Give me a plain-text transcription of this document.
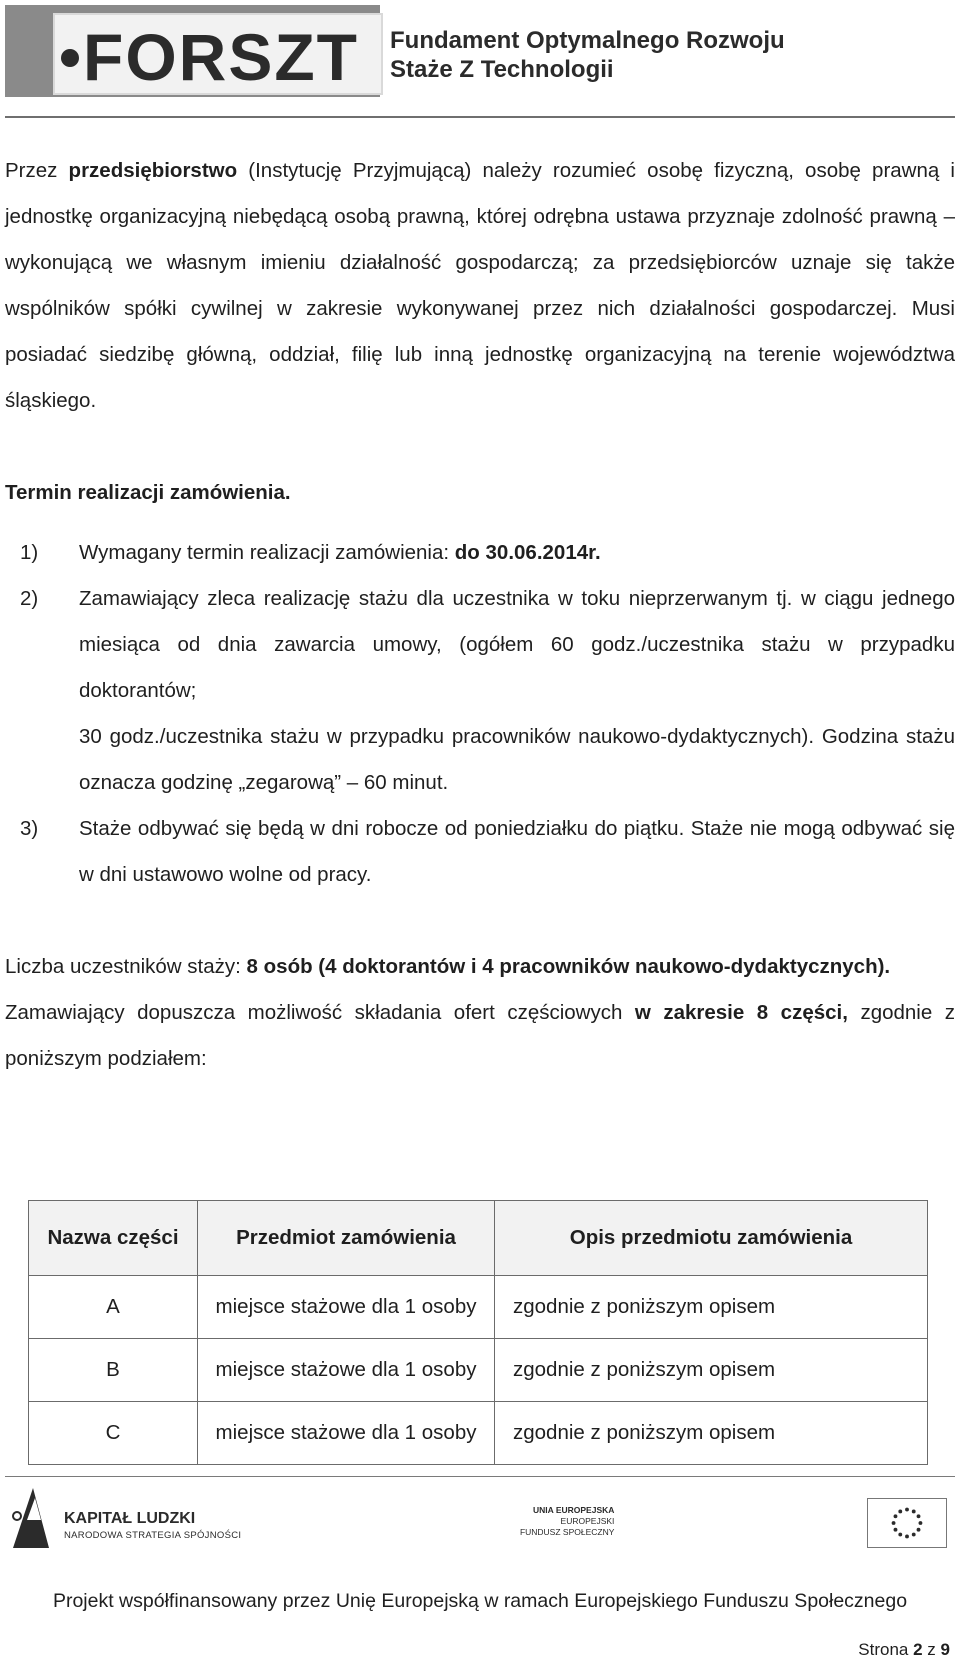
FORSZT Fundament Optymalnego Rozwoju
Staże Z Technologii

Przez przedsiębiorstwo (Instytucję Przyjmującą) należy rozumieć osobę fizyczną, osobę prawną i jednostkę organizacyjną niebędącą osobą prawną, której odrębna ustawa przyznaje zdolność prawną – wykonującą we własnym imieniu działalność gospodarczą; za przedsiębiorców uznaje się także wspólników spółki cywilnej w zakresie wykonywanej przez nich działalności gospodarczej. Musi posiadać siedzibę główną, oddział, filię lub inną jednostkę organizacyjną na terenie województwa śląskiego.

Termin realizacji zamówienia.

1) Wymagany termin realizacji zamówienia: do 30.06.2014r.
2) Zamawiający zleca realizację stażu dla uczestnika w toku nieprzerwanym tj. w ciągu jednego miesiąca od dnia zawarcia umowy, (ogółem 60 godz./uczestnika stażu w przypadku doktorantów;
30 godz./uczestnika stażu w przypadku pracowników naukowo-dydaktycznych). Godzina stażu oznacza godzinę „zegarową” – 60 minut.
3) Staże odbywać się będą w dni robocze od poniedziałku do piątku. Staże nie mogą odbywać się w dni ustawowo wolne od pracy.

Liczba uczestników staży: 8 osób (4 doktorantów i 4 pracowników naukowo-dydaktycznych).

Zamawiający dopuszcza możliwość składania ofert częściowych w zakresie 8 części, zgodnie z poniższym podziałem:

Nazwa części	Przedmiot zamówienia	Opis przedmiotu zamówienia
A	miejsce stażowe dla 1 osoby	zgodnie z poniższym opisem
B	miejsce stażowe dla 1 osoby	zgodnie z poniższym opisem
C	miejsce stażowe dla 1 osoby	zgodnie z poniższym opisem
KAPITAŁ LUDZKI
NARODOWA STRATEGIA SPÓJNOŚCI
UNIA EUROPEJSKA
EUROPEJSKI
FUNDUSZ SPOŁECZNY
Projekt współfinansowany przez Unię Europejską w ramach Europejskiego Funduszu Społecznego
Strona 2 z 9
